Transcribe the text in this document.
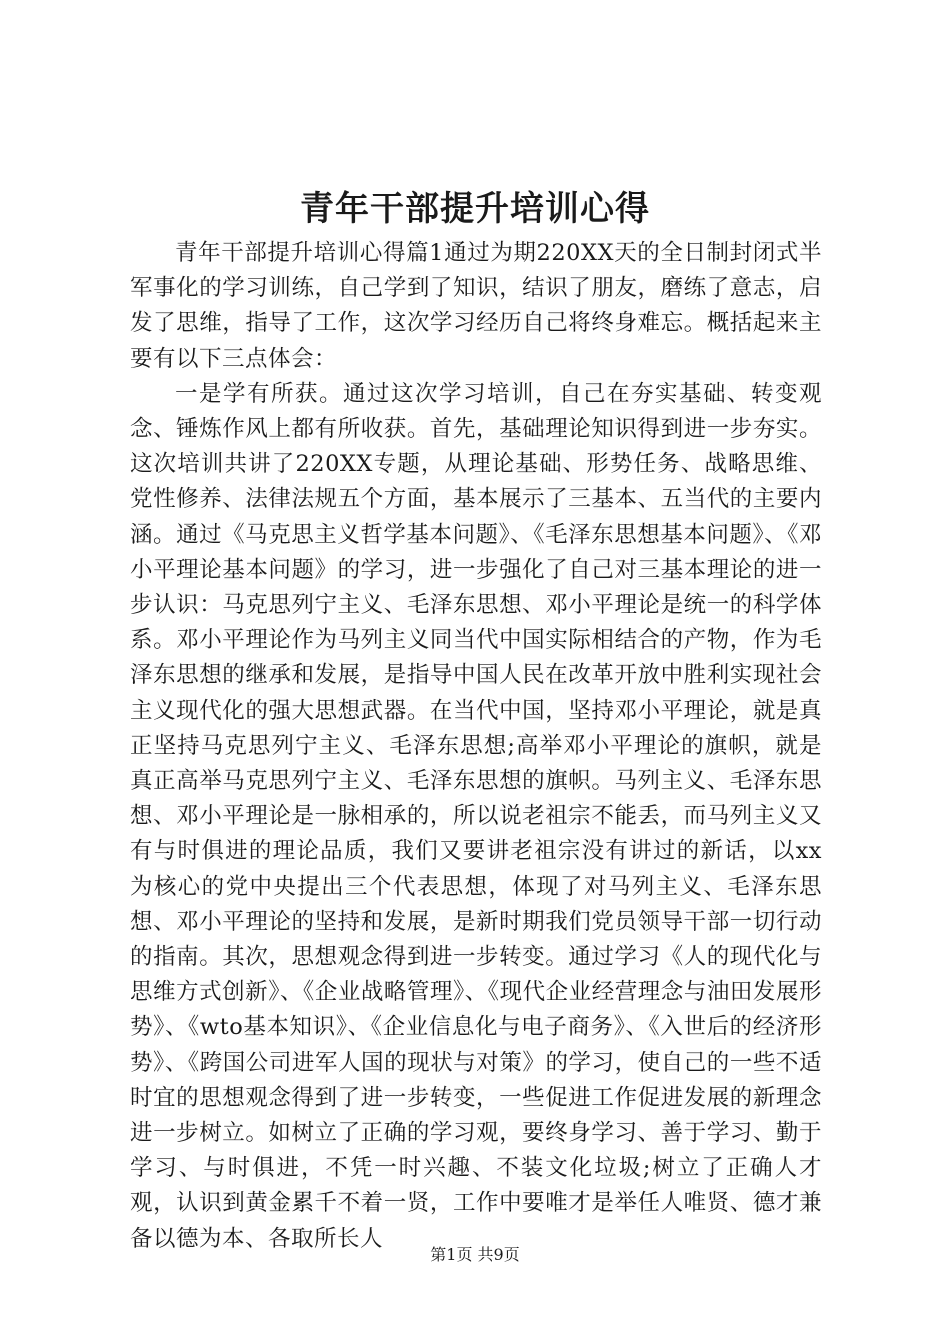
青年干部提升培训心得

青年干部提升培训心得篇1通过为期220XX天的全日制封闭式半军事化的学习训练，自己学到了知识，结识了朋友，磨练了意志，启发了思维，指导了工作，这次学习经历自己将终身难忘。概括起来主要有以下三点体会：

一是学有所获。通过这次学习培训，自己在夯实基础、转变观念、锤炼作风上都有所收获。首先，基础理论知识得到进一步夯实。这次培训共讲了220XX专题，从理论基础、形势任务、战略思维、党性修养、法律法规五个方面，基本展示了三基本、五当代的主要内涵。通过《马克思主义哲学基本问题》、《毛泽东思想基本问题》、《邓小平理论基本问题》的学习，进一步强化了自己对三基本理论的进一步认识：马克思列宁主义、毛泽东思想、邓小平理论是统一的科学体系。邓小平理论作为马列主义同当代中国实际相结合的产物，作为毛泽东思想的继承和发展，是指导中国人民在改革开放中胜利实现社会主义现代化的强大思想武器。在当代中国，坚持邓小平理论，就是真正坚持马克思列宁主义、毛泽东思想;高举邓小平理论的旗帜，就是真正高举马克思列宁主义、毛泽东思想的旗帜。马列主义、毛泽东思想、邓小平理论是一脉相承的，所以说老祖宗不能丢，而马列主义又有与时俱进的理论品质，我们又要讲老祖宗没有讲过的新话，以xx为核心的党中央提出三个代表思想，体现了对马列主义、毛泽东思想、邓小平理论的坚持和发展，是新时期我们党员领导干部一切行动的指南。其次，思想观念得到进一步转变。通过学习《人的现代化与思维方式创新》、《企业战略管理》、《现代企业经营理念与油田发展形势》、《wto基本知识》、《企业信息化与电子商务》、《入世后的经济形势》、《跨国公司进军人国的现状与对策》的学习，使自己的一些不适时宜的思想观念得到了进一步转变，一些促进工作促进发展的新理念进一步树立。如树立了正确的学习观，要终身学习、善于学习、勤于学习、与时俱进，不凭一时兴趣、不装文化垃圾;树立了正确人才观，认识到黄金累千不着一贤，工作中要唯才是举任人唯贤、德才兼备以德为本、各取所长人

第1页 共9页
